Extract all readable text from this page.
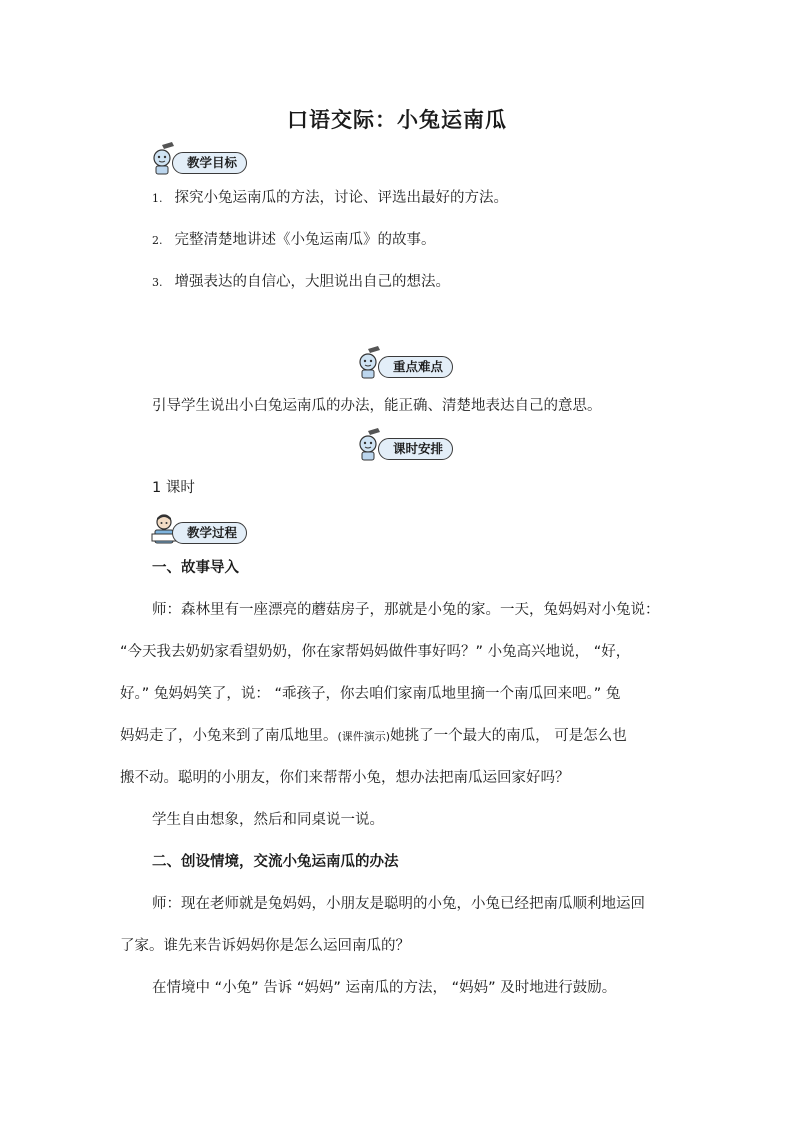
口语交际：小兔运南瓜
教学目标
1. 探究小兔运南瓜的方法，讨论、评选出最好的方法。
2. 完整清楚地讲述《小兔运南瓜》的故事。
3. 增强表达的自信心，大胆说出自己的想法。
重点难点
引导学生说出小白兔运南瓜的办法，能正确、清楚地表达自己的意思。
课时安排
1 课时
教学过程
一、故事导入
师：森林里有一座漂亮的蘑菇房子，那就是小兔的家。一天，兔妈妈对小兔说：
“今天我去奶奶家看望奶奶，你在家帮妈妈做件事好吗？” 小兔高兴地说， “好，
好。” 兔妈妈笑了，说： “乖孩子，你去咱们家南瓜地里摘一个南瓜回来吧。” 兔
妈妈走了，小兔来到了南瓜地里。(课件演示)她挑了一个最大的南瓜， 可是怎么也
搬不动。聪明的小朋友，你们来帮帮小兔，想办法把南瓜运回家好吗？
学生自由想象，然后和同桌说一说。
二、创设情境，交流小兔运南瓜的办法
师：现在老师就是兔妈妈，小朋友是聪明的小兔，小兔已经把南瓜顺利地运回
了家。谁先来告诉妈妈你是怎么运回南瓜的？
在情境中 “小兔” 告诉 “妈妈” 运南瓜的方法， “妈妈” 及时地进行鼓励。
